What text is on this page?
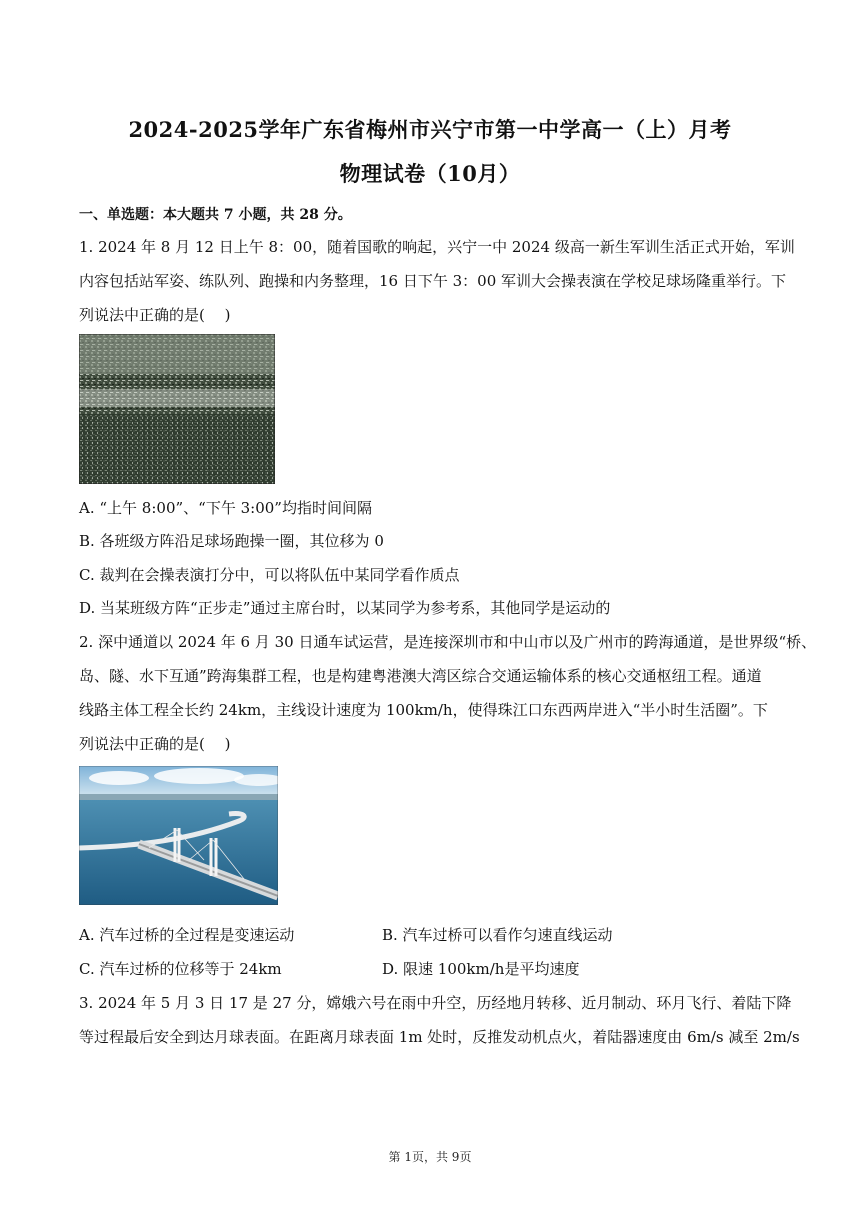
2024-2025学年广东省梅州市兴宁市第一中学高一（上）月考
物理试卷（10月）
一、单选题：本大题共 7 小题，共 28 分。
1. 2024 年 8 月 12 日上午 8：00，随着国歌的响起，兴宁一中 2024 级高一新生军训生活正式开始，军训
内容包括站军姿、练队列、跑操和内务整理，16 日下午 3：00 军训大会操表演在学校足球场隆重举行。下
列说法中正确的是(　 )
A. “上午 8:00”、“下午 3:00”均指时间间隔
B. 各班级方阵沿足球场跑操一圈，其位移为 0
C. 裁判在会操表演打分中，可以将队伍中某同学看作质点
D. 当某班级方阵“正步走”通过主席台时，以某同学为参考系，其他同学是运动的
2. 深中通道以 2024 年 6 月 30 日通车试运营，是连接深圳市和中山市以及广州市的跨海通道，是世界级“桥、
岛、隧、水下互通”跨海集群工程，也是构建粤港澳大湾区综合交通运输体系的核心交通枢纽工程。通道
线路主体工程全长约 24km，主线设计速度为 100km/h，使得珠江口东西两岸进入“半小时生活圈”。下
列说法中正确的是(　 )
A. 汽车过桥的全过程是变速运动	B. 汽车过桥可以看作匀速直线运动
C. 汽车过桥的位移等于 24km	D. 限速 100km/h是平均速度
3. 2024 年 5 月 3 日 17 是 27 分，嫦娥六号在雨中升空，历经地月转移、近月制动、环月飞行、着陆下降
等过程最后安全到达月球表面。在距离月球表面 1m 处时，反推发动机点火，着陆器速度由 6m/s 减至 2m/s
第 1页，共 9页
